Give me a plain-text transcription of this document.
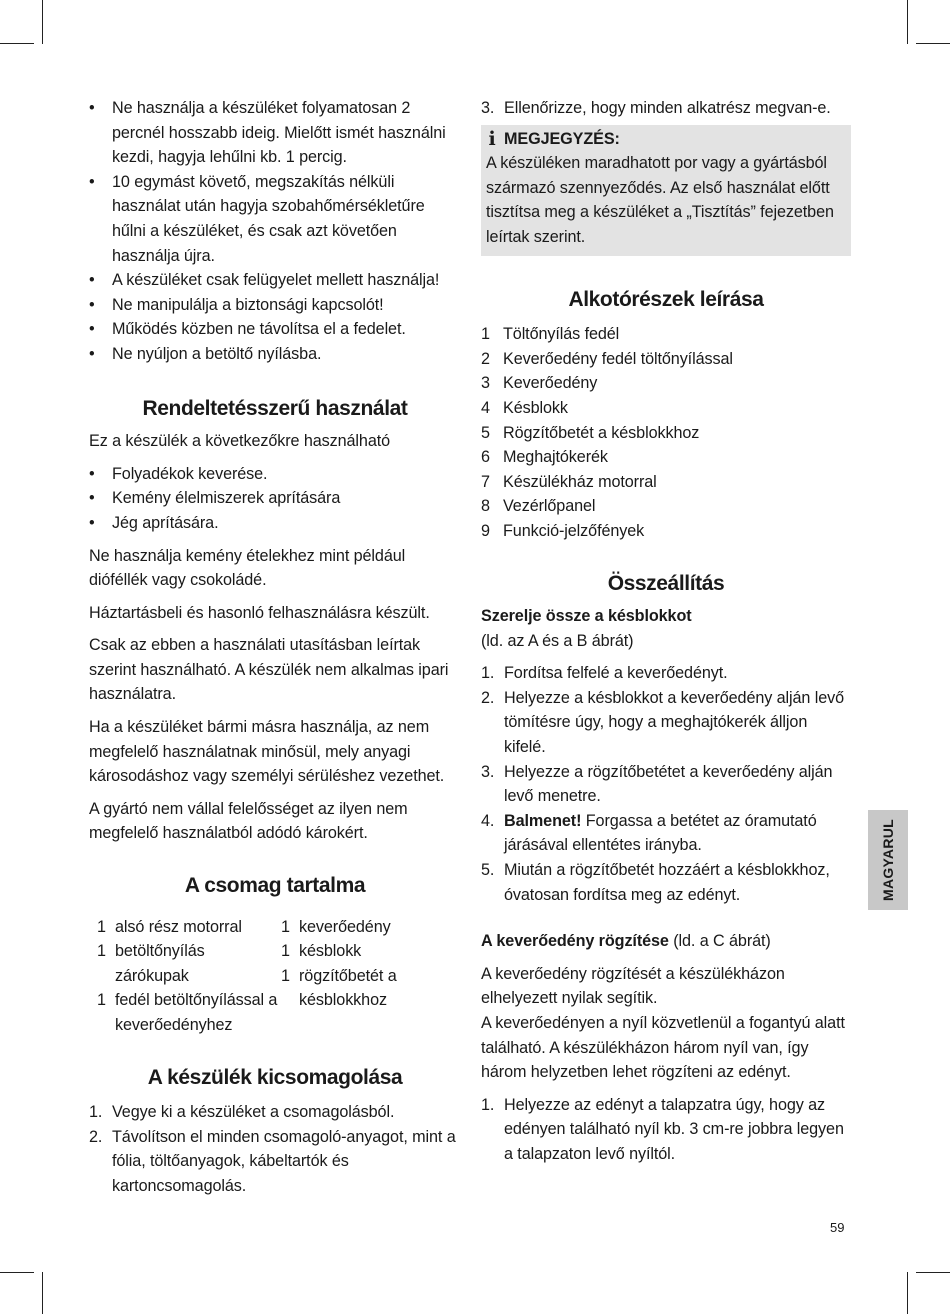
• Ne használja a készüléket folyamatosan 2 percnél hosszabb ideig. Mielőtt ismét használni kezdi, hagyja lehűlni kb. 1 percig.
• 10 egymást követő, megszakítás nélküli használat után hagyja szobahőmérsékletűre hűlni a készüléket, és csak azt követően használja újra.
• A készüléket csak felügyelet mellett használja!
• Ne manipulálja a biztonsági kapcsolót!
• Működés közben ne távolítsa el a fedelet.
• Ne nyúljon a betöltő nyílásba.
Rendeltetésszerű használat

Ez a készülék a következőkre használható

• Folyadékok keverése.
• Kemény élelmiszerek aprítására
• Jég aprítására.

Ne használja kemény ételekhez mint például dióféllék vagy csokoládé.

Háztartásbeli és hasonló felhasználásra készült.

Csak az ebben a használati utasításban leírtak szerint használható. A készülék nem alkalmas ipari használatra.

Ha a készüléket bármi másra használja, az nem megfelelő használatnak minősül, mely anyagi károsodáshoz vagy személyi sérüléshez vezethet.

A gyártó nem vállal felelősséget az ilyen nem megfelelő használatból adódó károkért.

A csomag tartalma
1 alsó rész motorral
1 betöltőnyílás zárókupak
1 fedél betöltőnyílással a keverőedényhez
1 keverőedény
1 késblokk
1 rögzítőbetét a késblokkhoz
A készülék kicsomagolása
1. Vegye ki a készüléket a csomagolásból.
2. Távolítson el minden csomagoló-anyagot, mint a fólia, töltőanyagok, kábeltartók és kartoncsomagolás.
3. Ellenőrizze, hogy minden alkatrész megvan-e.
i MEGJEGYZÉS:
A készüléken maradhatott por vagy a gyártásból származó szennyeződés. Az első használat előtt tisztítsa meg a készüléket a „Tisztítás” fejezetben leírtak szerint.
Alkotórészek leírása
1 Töltőnyílás fedél
2 Keverőedény fedél töltőnyílással
3 Keverőedény
4 Késblokk
5 Rögzítőbetét a késblokkhoz
6 Meghajtókerék
7 Készülékház motorral
8 Vezérlőpanel
9 Funkció-jelzőfények
Összeállítás

Szerelje össze a késblokkot

(ld. az A és a B ábrát)

1. Fordítsa felfelé a keverőedényt.
2. Helyezze a késblokkot a keverőedény alján levő tömítésre úgy, hogy a meghajtókerék álljon kifelé.
3. Helyezze a rögzítőbetétet a keverőedény alján levő menetre.
4. Balmenet! Forgassa a betétet az óramutató járásával ellentétes irányba.
5. Miután a rögzítőbetét hozzáért a késblokkhoz, óvatosan fordítsa meg az edényt.

A keverőedény rögzítése (ld. a C ábrát)

A keverőedény rögzítését a készülékházon elhelyezett nyilak segítik.

A keverőedényen a nyíl közvetlenül a fogantyú alatt található. A készülékházon három nyíl van, így három helyzetben lehet rögzíteni az edényt.

1. Helyezze az edényt a talapzatra úgy, hogy az edényen található nyíl kb. 3 cm-re jobbra legyen a talapzaton levő nyíltól.
MAGYARUL
59
